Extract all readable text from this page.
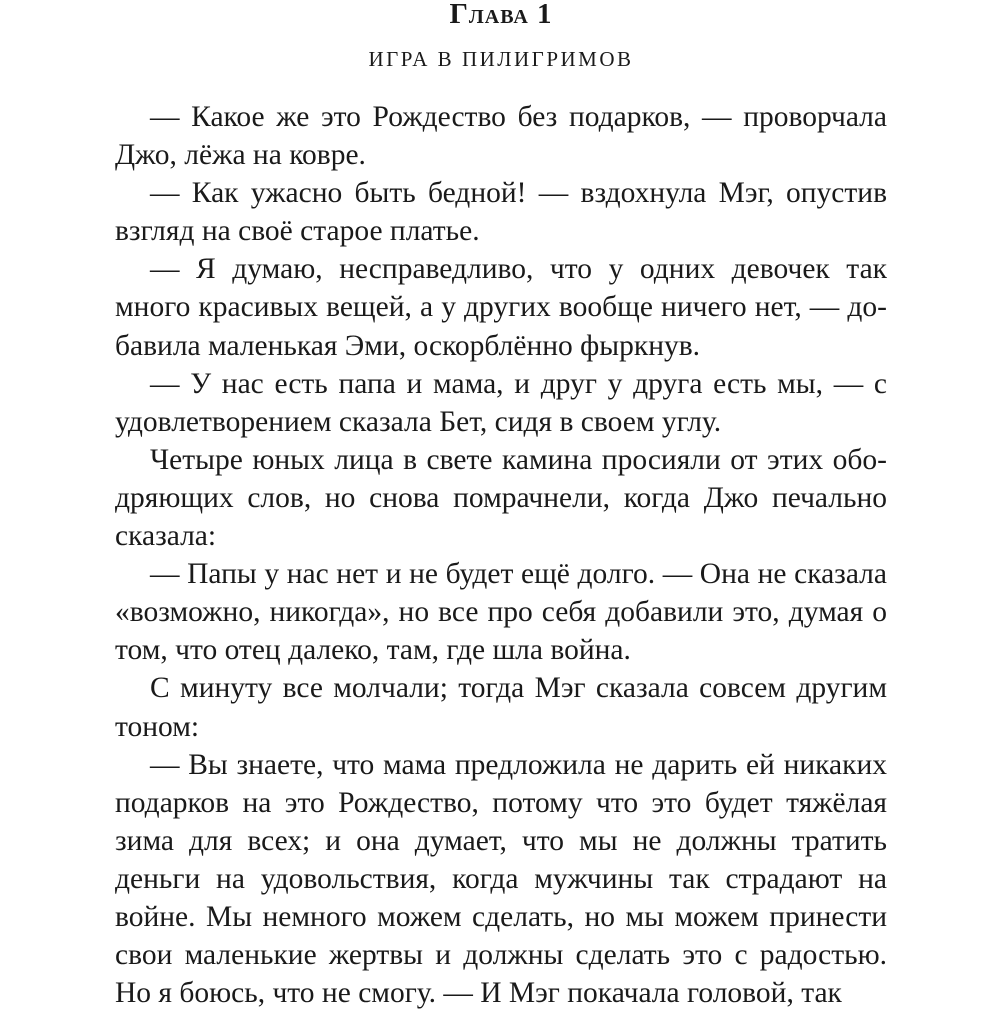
Глава 1
ИГРА В ПИЛИГРИМОВ

— Какое же это Рождество без подарков, — проворчала Джо, лёжа на ковре.

— Как ужасно быть бедной! — вздохнула Мэг, опустив взгляд на своё старое платье.

— Я думаю, несправедливо, что у одних девочек так много красивых вещей, а у других вообще ничего нет, — добавила маленькая Эми, оскорблённо фыркнув.

— У нас есть папа и мама, и друг у друга есть мы, — с удовлетворением сказала Бет, сидя в своем углу.

Четыре юных лица в свете камина просияли от этих ободряющих слов, но снова помрачнели, когда Джо печально сказала:

— Папы у нас нет и не будет ещё долго. — Она не сказала «возможно, никогда», но все про себя добавили это, думая о том, что отец далеко, там, где шла война.

С минуту все молчали; тогда Мэг сказала совсем другим тоном:

— Вы знаете, что мама предложила не дарить ей никаких подарков на это Рождество, потому что это будет тяжёлая зима для всех; и она думает, что мы не должны тратить деньги на удовольствия, когда мужчины так страдают на войне. Мы немного можем сделать, но мы можем принести свои маленькие жертвы и должны сделать это с радостью. Но я боюсь, что не смогу. — И Мэг покачала головой, так
